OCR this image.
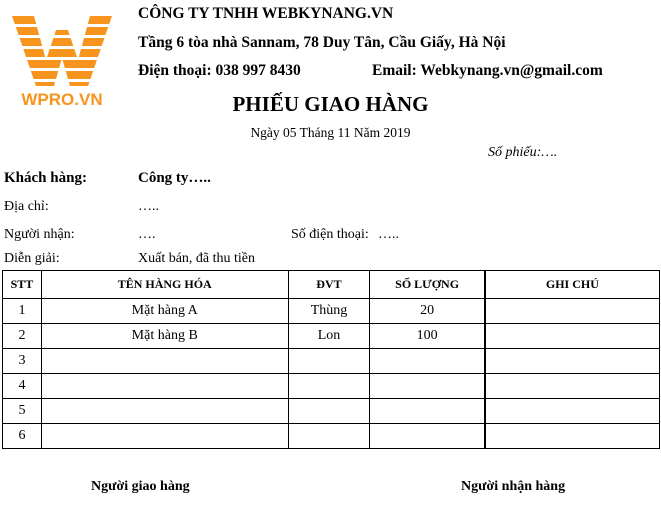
WPRO.VN
CÔNG TY TNHH WEBKYNANG.VN
Tầng 6 tòa nhà Sannam, 78 Duy Tân, Cầu Giấy, Hà Nội
Điện thoại: 038 997 8430	Email: Webkynang.vn@gmail.com
PHIẾU GIAO HÀNG
Ngày 05 Tháng 11 Năm 2019
Số phiếu:….
Khách hàng:	Công ty…..
Địa chỉ:	…..
Người nhận:	….	Số điện thoại: …..
Diễn giải:	Xuất bán, đã thu tiền
STT	TÊN HÀNG HÓA	ĐVT	SỐ LƯỢNG	GHI CHÚ
1	Mặt hàng A	Thùng	20	
2	Mặt hàng B	Lon	100	
3				
4				
5				
6				
Người giao hàng	Người nhận hàng
